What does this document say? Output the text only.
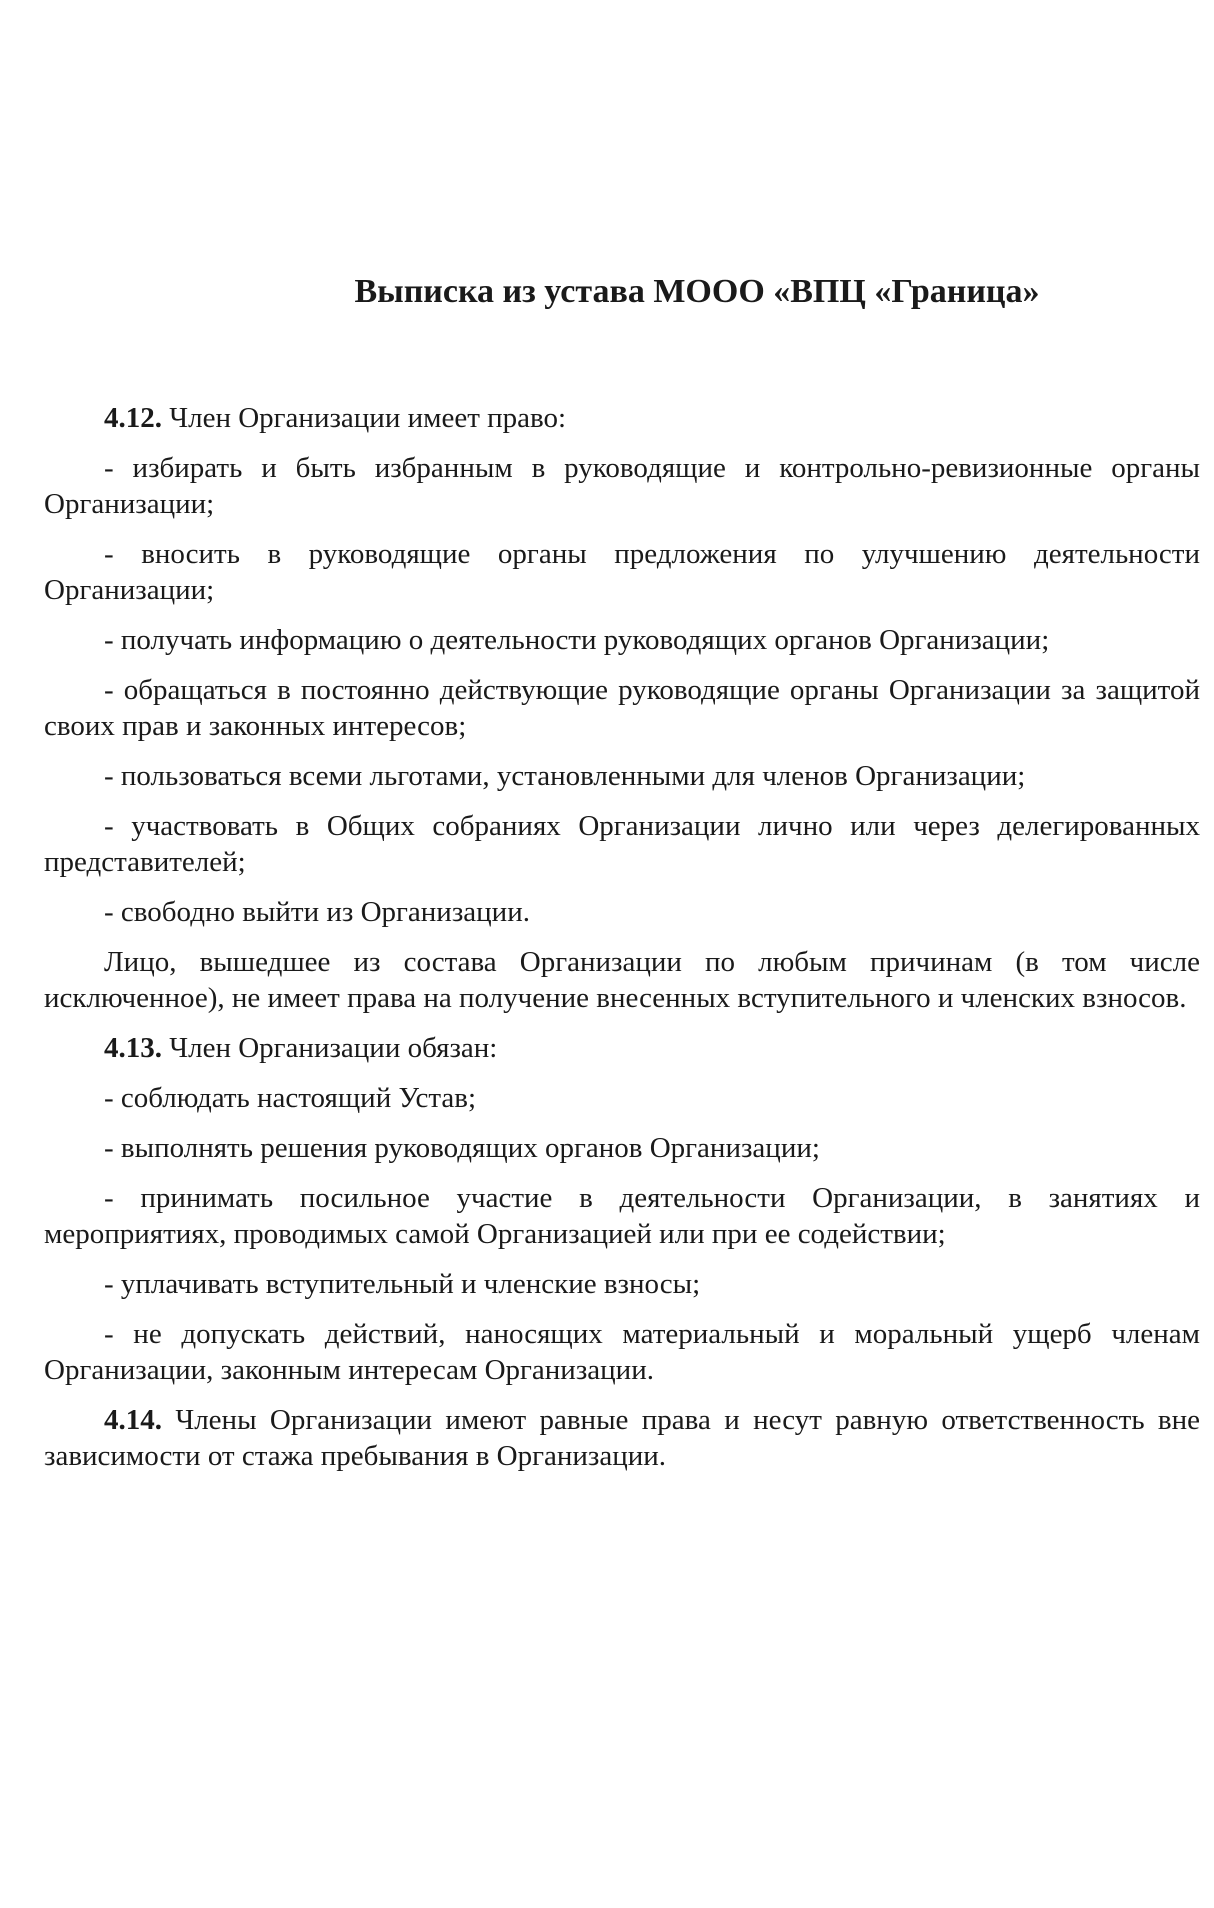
Выписка из устава МООО «ВПЦ «Граница»

4.12. Член Организации имеет право:

- избирать и быть избранным в руководящие и контрольно-ревизионные органы Организации;

- вносить в руководящие органы предложения по улучшению деятельности Организации;

- получать информацию о деятельности руководящих органов Организации;

- обращаться в постоянно действующие руководящие органы Организации за защитой своих прав и законных интересов;

- пользоваться всеми льготами, установленными для членов Организации;

- участвовать в Общих собраниях Организации лично или через делегированных представителей;

- свободно выйти из Организации.

Лицо, вышедшее из состава Организации по любым причинам (в том числе исключенное), не имеет права на получение внесенных вступительного и членских взносов.

4.13. Член Организации обязан:

- соблюдать настоящий Устав;

- выполнять решения руководящих органов Организации;

- принимать посильное участие в деятельности Организации, в занятиях и мероприятиях, проводимых самой Организацией или при ее содействии;

- уплачивать вступительный и членские взносы;

- не допускать действий, наносящих материальный и моральный ущерб членам Организации, законным интересам Организации.

4.14. Члены Организации имеют равные права и несут равную ответственность вне зависимости от стажа пребывания в Организации.
